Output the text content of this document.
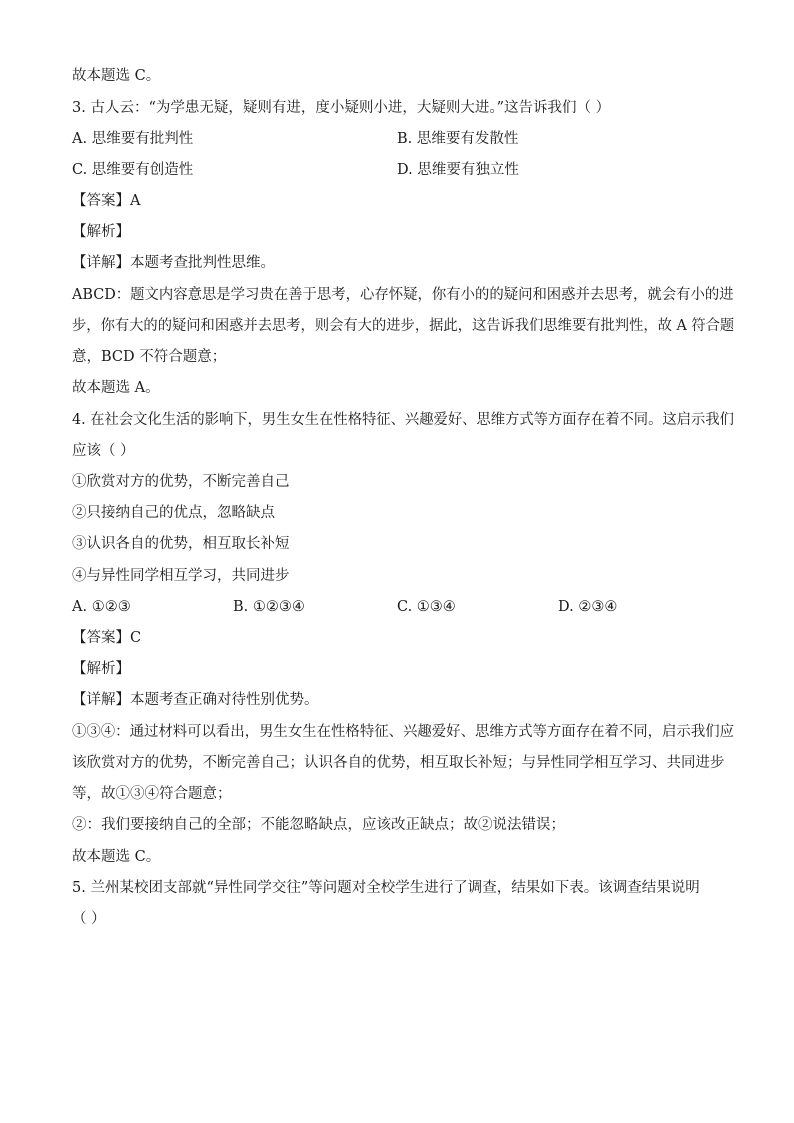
故本题选 C。
3. 古人云：“为学患无疑，疑则有进，度小疑则小进，大疑则大进。”这告诉我们（ ）
A. 思维要有批判性	B. 思维要有发散性
C. 思维要有创造性	D. 思维要有独立性
【答案】A
【解析】
【详解】本题考查批判性思维。
ABCD：题文内容意思是学习贵在善于思考，心存怀疑，你有小的的疑问和困惑并去思考，就会有小的进
步，你有大的的疑问和困惑并去思考，则会有大的进步，据此，这告诉我们思维要有批判性，故 A 符合题
意，BCD 不符合题意；
故本题选 A。
4. 在社会文化生活的影响下，男生女生在性格特征、兴趣爱好、思维方式等方面存在着不同。这启示我们
应该（ ）
①欣赏对方的优势，不断完善自己
②只接纳自己的优点，忽略缺点
③认识各自的优势，相互取长补短
④与异性同学相互学习，共同进步
A. ①②③	B. ①②③④	C. ①③④	D. ②③④
【答案】C
【解析】
【详解】本题考查正确对待性别优势。
①③④：通过材料可以看出，男生女生在性格特征、兴趣爱好、思维方式等方面存在着不同，启示我们应
该欣赏对方的优势，不断完善自己；认识各自的优势，相互取长补短；与异性同学相互学习、共同进步
等，故①③④符合题意；
②：我们要接纳自己的全部；不能忽略缺点，应该改正缺点；故②说法错误；
故本题选 C。
5. 兰州某校团支部就“异性同学交往”等问题对全校学生进行了调查，结果如下表。该调查结果说明
（ ）
